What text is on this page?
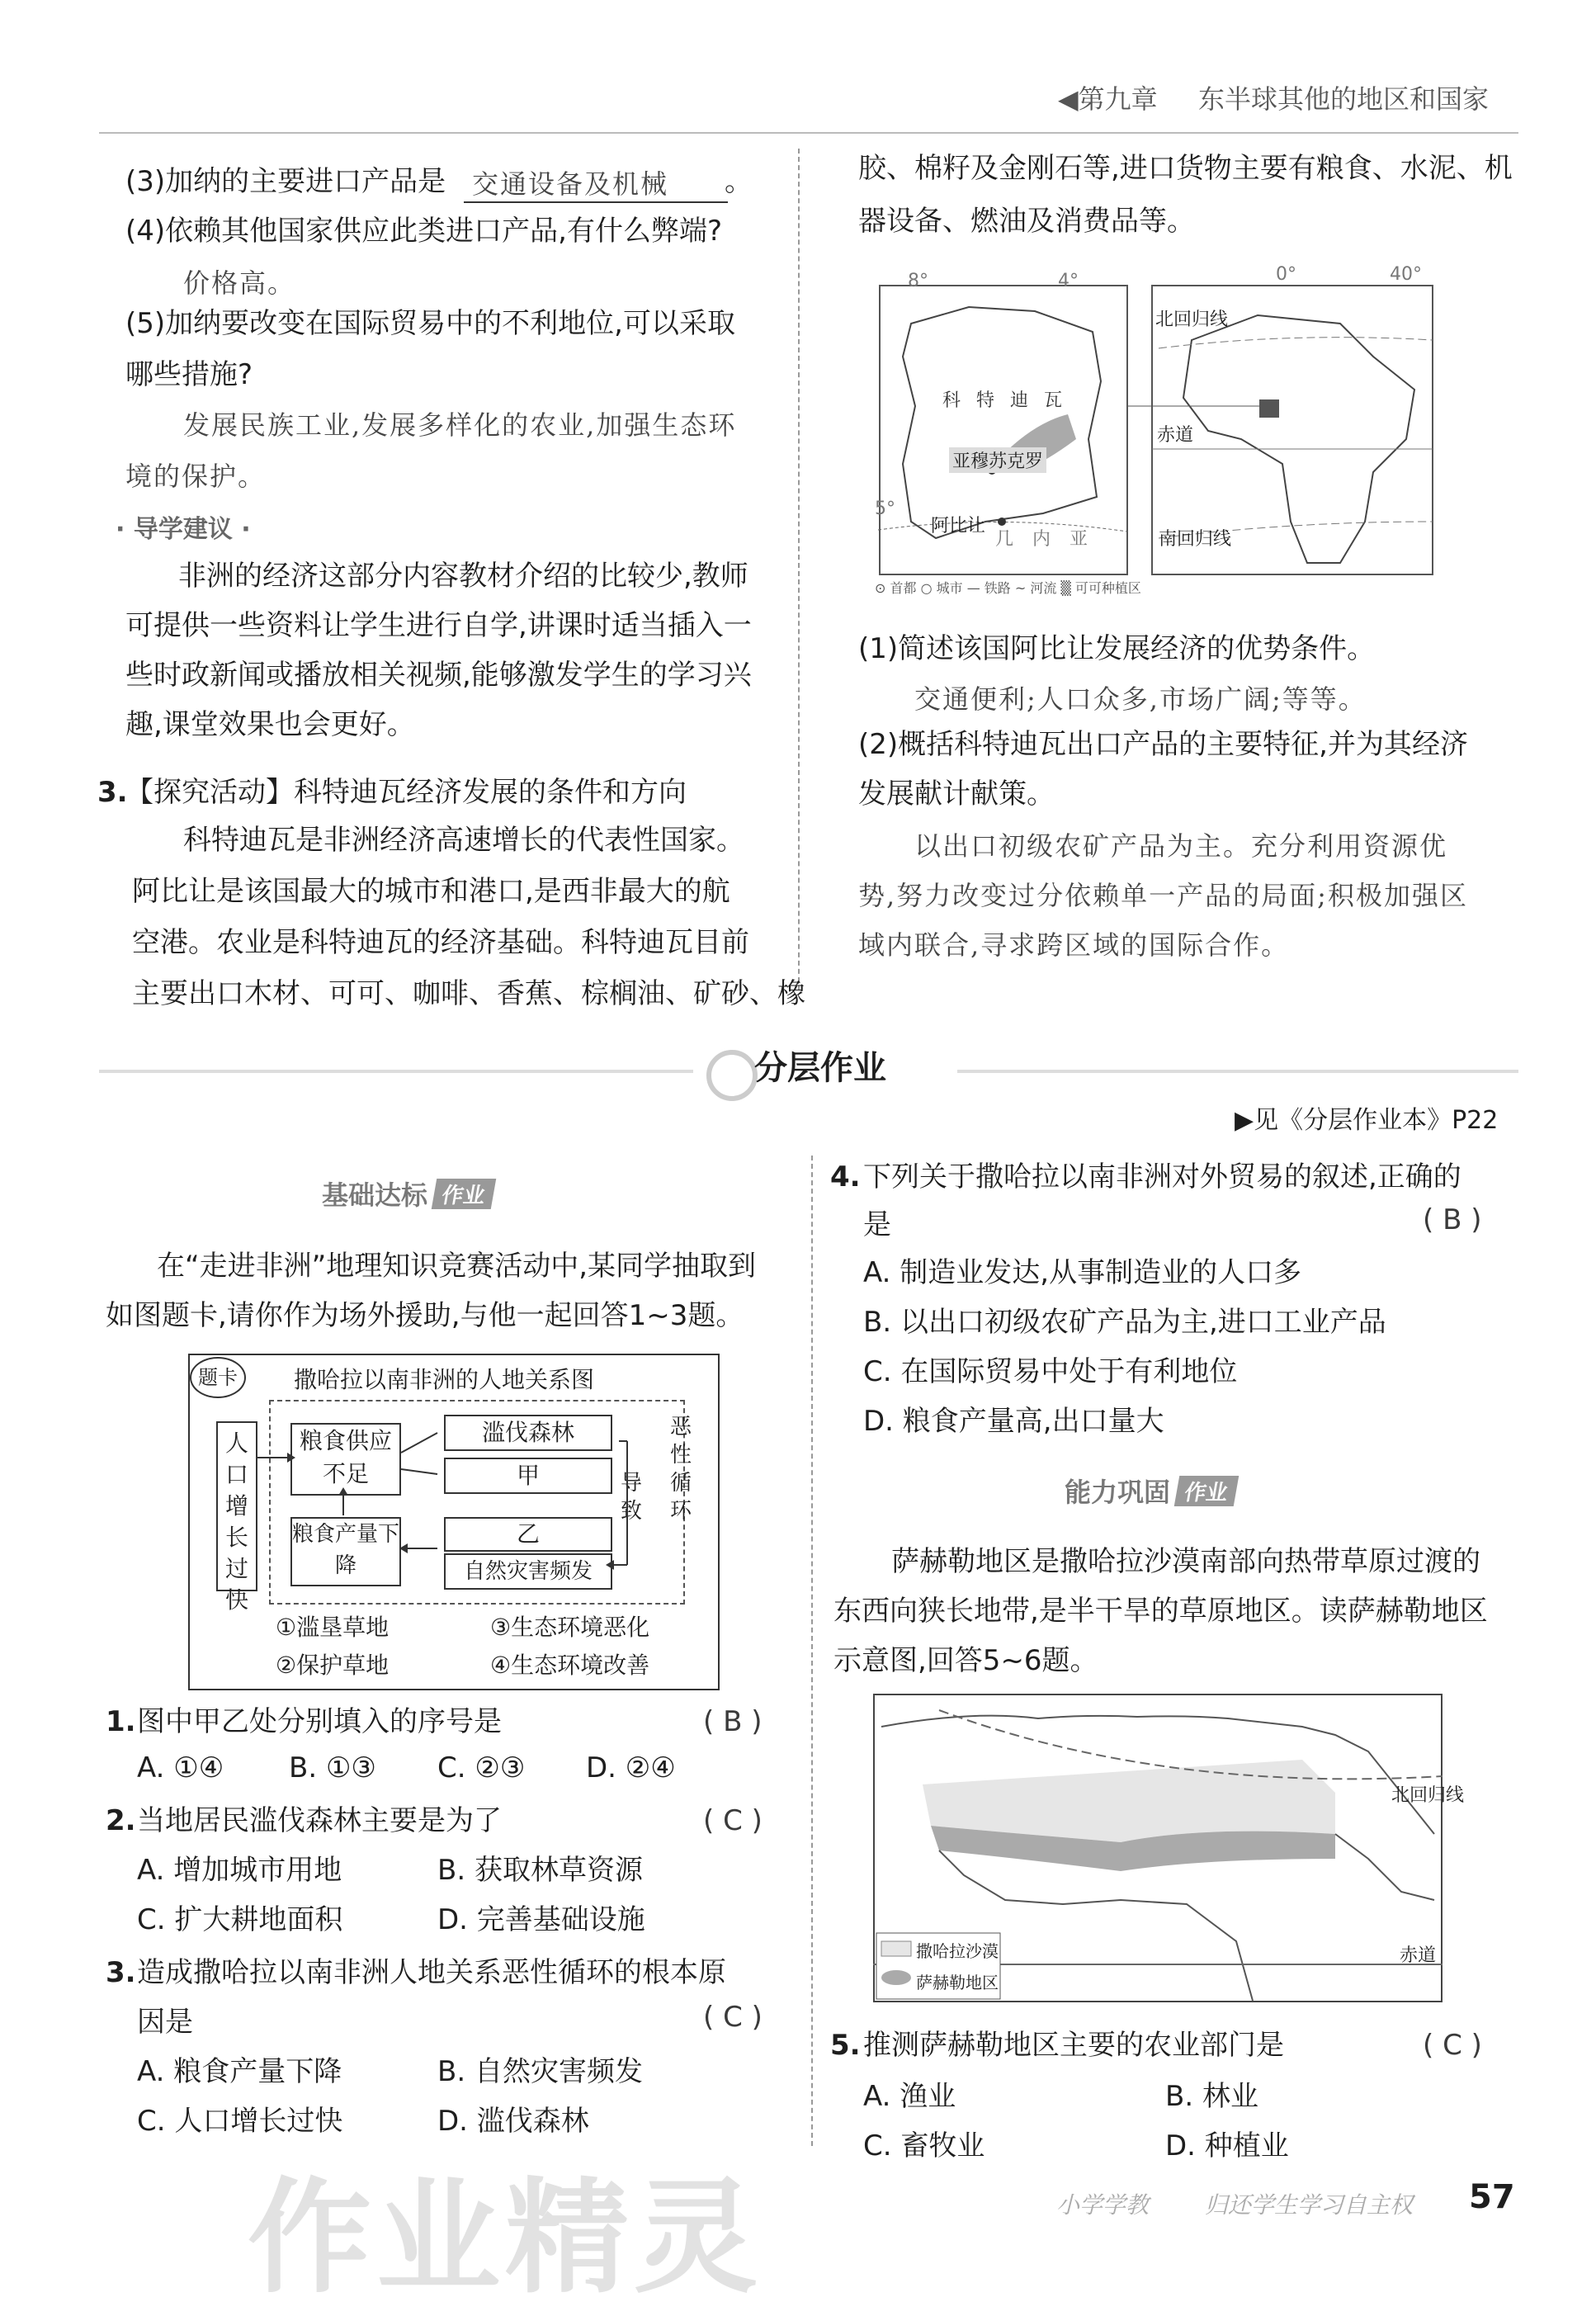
◀第九章 东半球其他的地区和国家
(3)加纳的主要进口产品是 交通设备及机械	。
(4)依赖其他国家供应此类进口产品,有什么弊端?
价格高。
(5)加纳要改变在国际贸易中的不利地位,可以采取
哪些措施?
发展民族工业,发展多样化的农业,加强生态环
境的保护。
· 导学建议 ·
非洲的经济这部分内容教材介绍的比较少,教师
可提供一些资料让学生进行自学,讲课时适当插入一
些时政新闻或播放相关视频,能够激发学生的学习兴
趣,课堂效果也会更好。
3.
【探究活动】科特迪瓦经济发展的条件和方向
科特迪瓦是非洲经济高速增长的代表性国家。
阿比让是该国最大的城市和港口,是西非最大的航
空港。农业是科特迪瓦的经济基础。科特迪瓦目前
主要出口木材、可可、咖啡、香蕉、棕榈油、矿砂、橡
胶、棉籽及金刚石等,进口货物主要有粮食、水泥、机
器设备、燃油及消费品等。
8°	4°	0°	40°
5°
科 特 迪 瓦
亚穆苏克罗
阿比让
几 内 亚
北回归线
赤道
南回归线
⊙ 首都 ○ 城市 — 铁路 ~ 河流 ▒ 可可种植区
(1)简述该国阿比让发展经济的优势条件。
交通便利;人口众多,市场广阔;等等。
(2)概括科特迪瓦出口产品的主要特征,并为其经济
发展献计献策。
以出口初级农矿产品为主。充分利用资源优
势,努力改变过分依赖单一产品的局面;积极加强区
域内联合,寻求跨区域的国际合作。
分层作业
▶见《分层作业本》P22
基础达标 作业
在“走进非洲”地理知识竞赛活动中,某同学抽取到
如图题卡,请你作为场外援助,与他一起回答1~3题。
题卡	撒哈拉以南非洲的人地关系图
人口增长过快
粮食供应不足
滥伐森林
甲
乙
自然灾害频发
粮食产量下降
导致
恶性循环
①滥垦草地	③生态环境恶化
②保护草地	④生态环境改善
1. 图中甲乙处分别填入的序号是	( B )
A. ①④ B. ①③ C. ②③ D. ②④
2. 当地居民滥伐森林主要是为了	( C )
A. 增加城市用地	B. 获取林草资源
C. 扩大耕地面积	D. 完善基础设施
3. 造成撒哈拉以南非洲人地关系恶性循环的根本原
因是	( C )
A. 粮食产量下降	B. 自然灾害频发
C. 人口增长过快	D. 滥伐森林
4. 下列关于撒哈拉以南非洲对外贸易的叙述,正确的
是	( B )
A. 制造业发达,从事制造业的人口多
B. 以出口初级农矿产品为主,进口工业产品
C. 在国际贸易中处于有利地位
D. 粮食产量高,出口量大
能力巩固 作业
萨赫勒地区是撒哈拉沙漠南部向热带草原过渡的
东西向狭长地带,是半干旱的草原地区。读萨赫勒地区
示意图,回答5~6题。
北回归线
赤道
撒哈拉沙漠
萨赫勒地区
5. 推测萨赫勒地区主要的农业部门是	( C )
A. 渔业	B. 林业
C. 畜牧业	D. 种植业
作业精灵	小学学教 归还学生学习自主权 57
